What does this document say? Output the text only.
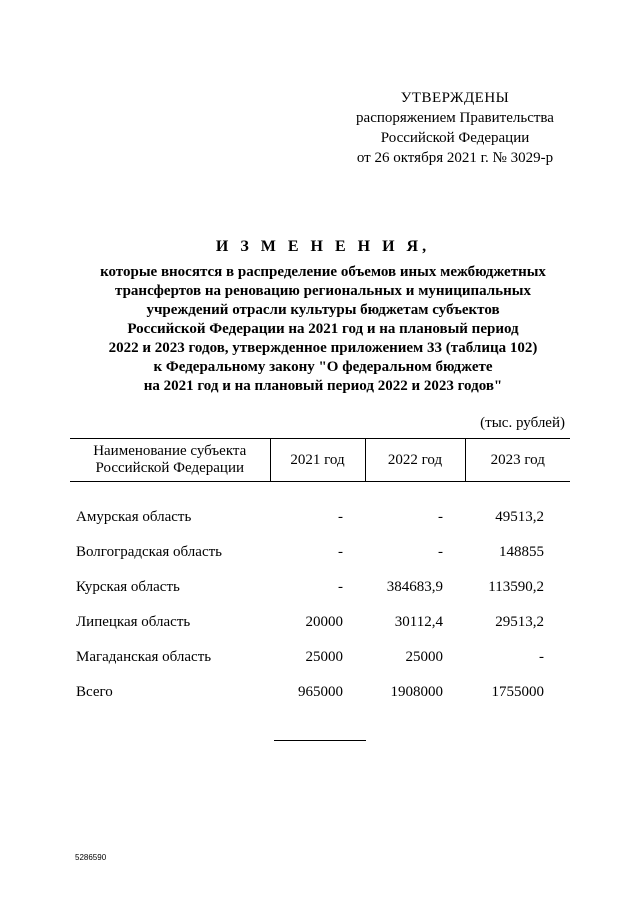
УТВЕРЖДЕНЫ
распоряжением Правительства
Российской Федерации
от 26 октября 2021 г. № 3029-р
И З М Е Н Е Н И Я,
которые вносятся в распределение объемов иных межбюджетных
трансфертов на реновацию региональных и муниципальных
учреждений отрасли культуры бюджетам субъектов
Российской Федерации на 2021 год и на плановый период
2022 и 2023 годов, утвержденное приложением 33 (таблица 102)
к Федеральному закону "О федеральном бюджете
на 2021 год и на плановый период 2022 и 2023 годов"
(тыс. рублей)
Наименование субъекта Российской Федерации	2021 год	2022 год	2023 год
Амурская область	-	-	49513,2
Волгоградская область	-	-	148855
Курская область	-	384683,9	113590,2
Липецкая область	20000	30112,4	29513,2
Магаданская область	25000	25000	-
Всего	965000	1908000	1755000
5286590
